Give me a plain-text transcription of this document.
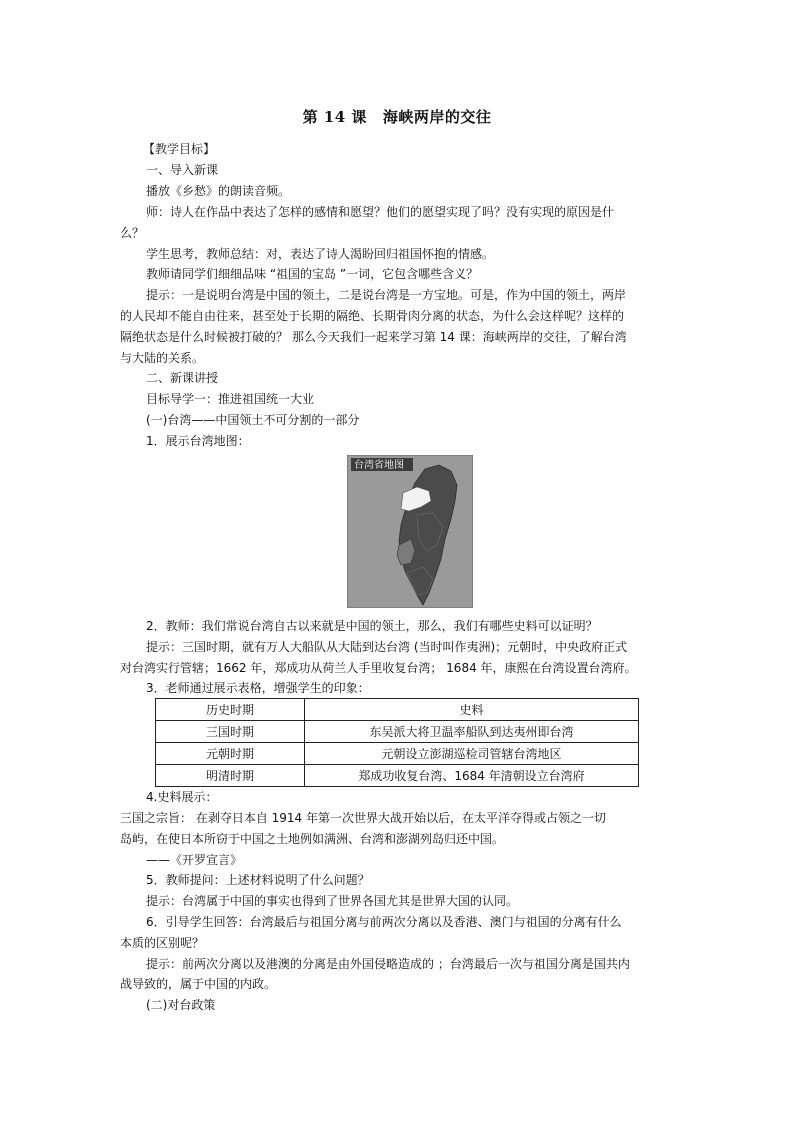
第 14 课 海峡两岸的交往
【教学目标】
一、导入新课
播放《乡愁》的朗读音频。
师：诗人在作品中表达了怎样的感情和愿望？他们的愿望实现了吗？没有实现的原因是什
么？
学生思考，教师总结：对，表达了诗人渴盼回归祖国怀抱的情感。
教师请同学们细细品味 “祖国的宝岛 ”一词，它包含哪些含义？
提示：一是说明台湾是中国的领土，二是说台湾是一方宝地。可是，作为中国的领土，两岸
的人民却不能自由往来，甚至处于长期的隔绝、长期骨肉分离的状态，为什么会这样呢？这样的
隔绝状态是什么时候被打破的？ 那么今天我们一起来学习第 14 课：海峡两岸的交往，了解台湾
与大陆的关系。
二、新课讲授
目标导学一：推进祖国统一大业
(一)台湾——中国领土不可分割的一部分
1．展示台湾地图：
台湾省地图
2．教师：我们常说台湾自古以来就是中国的领土，那么，我们有哪些史料可以证明？
提示：三国时期，就有万人大船队从大陆到达台湾 (当时叫作夷洲)；元朝时，中央政府正式
对台湾实行管辖；1662 年，郑成功从荷兰人手里收复台湾； 1684 年，康熙在台湾设置台湾府。
3．老师通过展示表格，增强学生的印象：
历史时期	史料
三国时期	东吴派大将卫温率船队到达夷州即台湾
元朝时期	元朝设立澎湖巡检司管辖台湾地区
明清时期	郑成功收复台湾、1684 年清朝设立台湾府
4.史料展示：
三国之宗旨： 在剥夺日本自 1914 年第一次世界大战开始以后，在太平洋夺得或占领之一切
岛屿，在使日本所窃于中国之土地例如满洲、台湾和澎湖列岛归还中国。
——《开罗宣言》
5．教师提问：上述材料说明了什么问题？
提示：台湾属于中国的事实也得到了世界各国尤其是世界大国的认同。
6．引导学生回答：台湾最后与祖国分离与前两次分离以及香港、澳门与祖国的分离有什么
本质的区别呢？
提示：前两次分离以及港澳的分离是由外国侵略造成的 ；台湾最后一次与祖国分离是国共内
战导致的，属于中国的内政。
(二)对台政策
